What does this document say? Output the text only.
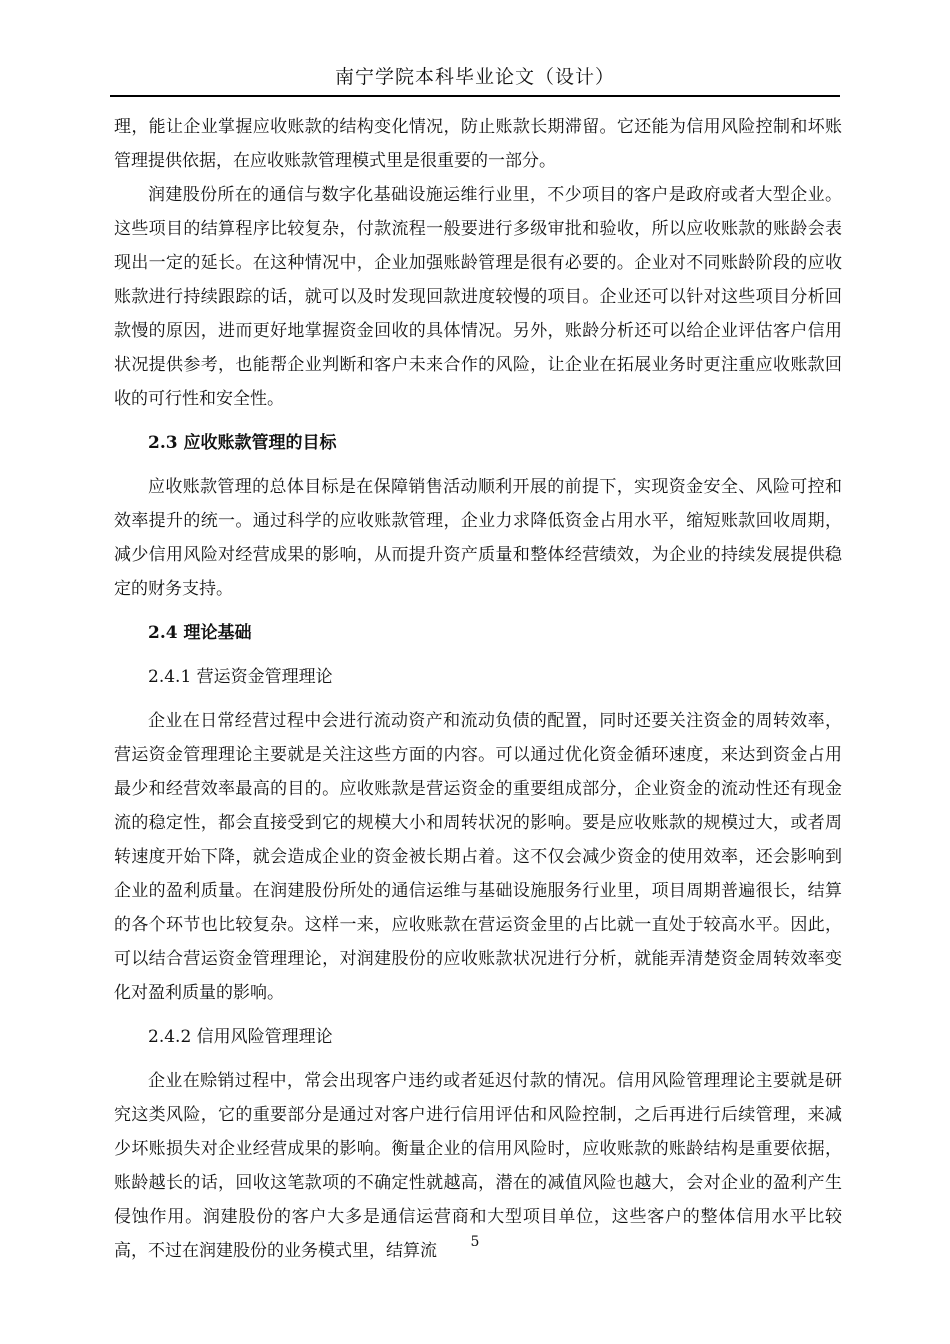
南宁学院本科毕业论文（设计）

理，能让企业掌握应收账款的结构变化情况，防止账款长期滞留。它还能为信用风险控制和坏账管理提供依据，在应收账款管理模式里是很重要的一部分。

润建股份所在的通信与数字化基础设施运维行业里，不少项目的客户是政府或者大型企业。这些项目的结算程序比较复杂，付款流程一般要进行多级审批和验收，所以应收账款的账龄会表现出一定的延长。在这种情况中，企业加强账龄管理是很有必要的。企业对不同账龄阶段的应收账款进行持续跟踪的话，就可以及时发现回款进度较慢的项目。企业还可以针对这些项目分析回款慢的原因，进而更好地掌握资金回收的具体情况。另外，账龄分析还可以给企业评估客户信用状况提供参考，也能帮企业判断和客户未来合作的风险，让企业在拓展业务时更注重应收账款回收的可行性和安全性。

2.3 应收账款管理的目标

应收账款管理的总体目标是在保障销售活动顺利开展的前提下，实现资金安全、风险可控和效率提升的统一。通过科学的应收账款管理，企业力求降低资金占用水平，缩短账款回收周期，减少信用风险对经营成果的影响，从而提升资产质量和整体经营绩效，为企业的持续发展提供稳定的财务支持。

2.4 理论基础
2.4.1 营运资金管理理论

企业在日常经营过程中会进行流动资产和流动负债的配置，同时还要关注资金的周转效率，营运资金管理理论主要就是关注这些方面的内容。可以通过优化资金循环速度，来达到资金占用最少和经营效率最高的目的。应收账款是营运资金的重要组成部分，企业资金的流动性还有现金流的稳定性，都会直接受到它的规模大小和周转状况的影响。要是应收账款的规模过大，或者周转速度开始下降，就会造成企业的资金被长期占着。这不仅会减少资金的使用效率，还会影响到企业的盈利质量。在润建股份所处的通信运维与基础设施服务行业里，项目周期普遍很长，结算的各个环节也比较复杂。这样一来，应收账款在营运资金里的占比就一直处于较高水平。因此，可以结合营运资金管理理论，对润建股份的应收账款状况进行分析，就能弄清楚资金周转效率变化对盈利质量的影响。

2.4.2 信用风险管理理论

企业在赊销过程中，常会出现客户违约或者延迟付款的情况。信用风险管理理论主要就是研究这类风险，它的重要部分是通过对客户进行信用评估和风险控制，之后再进行后续管理，来减少坏账损失对企业经营成果的影响。衡量企业的信用风险时，应收账款的账龄结构是重要依据，账龄越长的话，回收这笔款项的不确定性就越高，潜在的减值风险也越大，会对企业的盈利产生侵蚀作用。润建股份的客户大多是通信运营商和大型项目单位，这些客户的整体信用水平比较高，不过在润建股份的业务模式里，结算流	5
